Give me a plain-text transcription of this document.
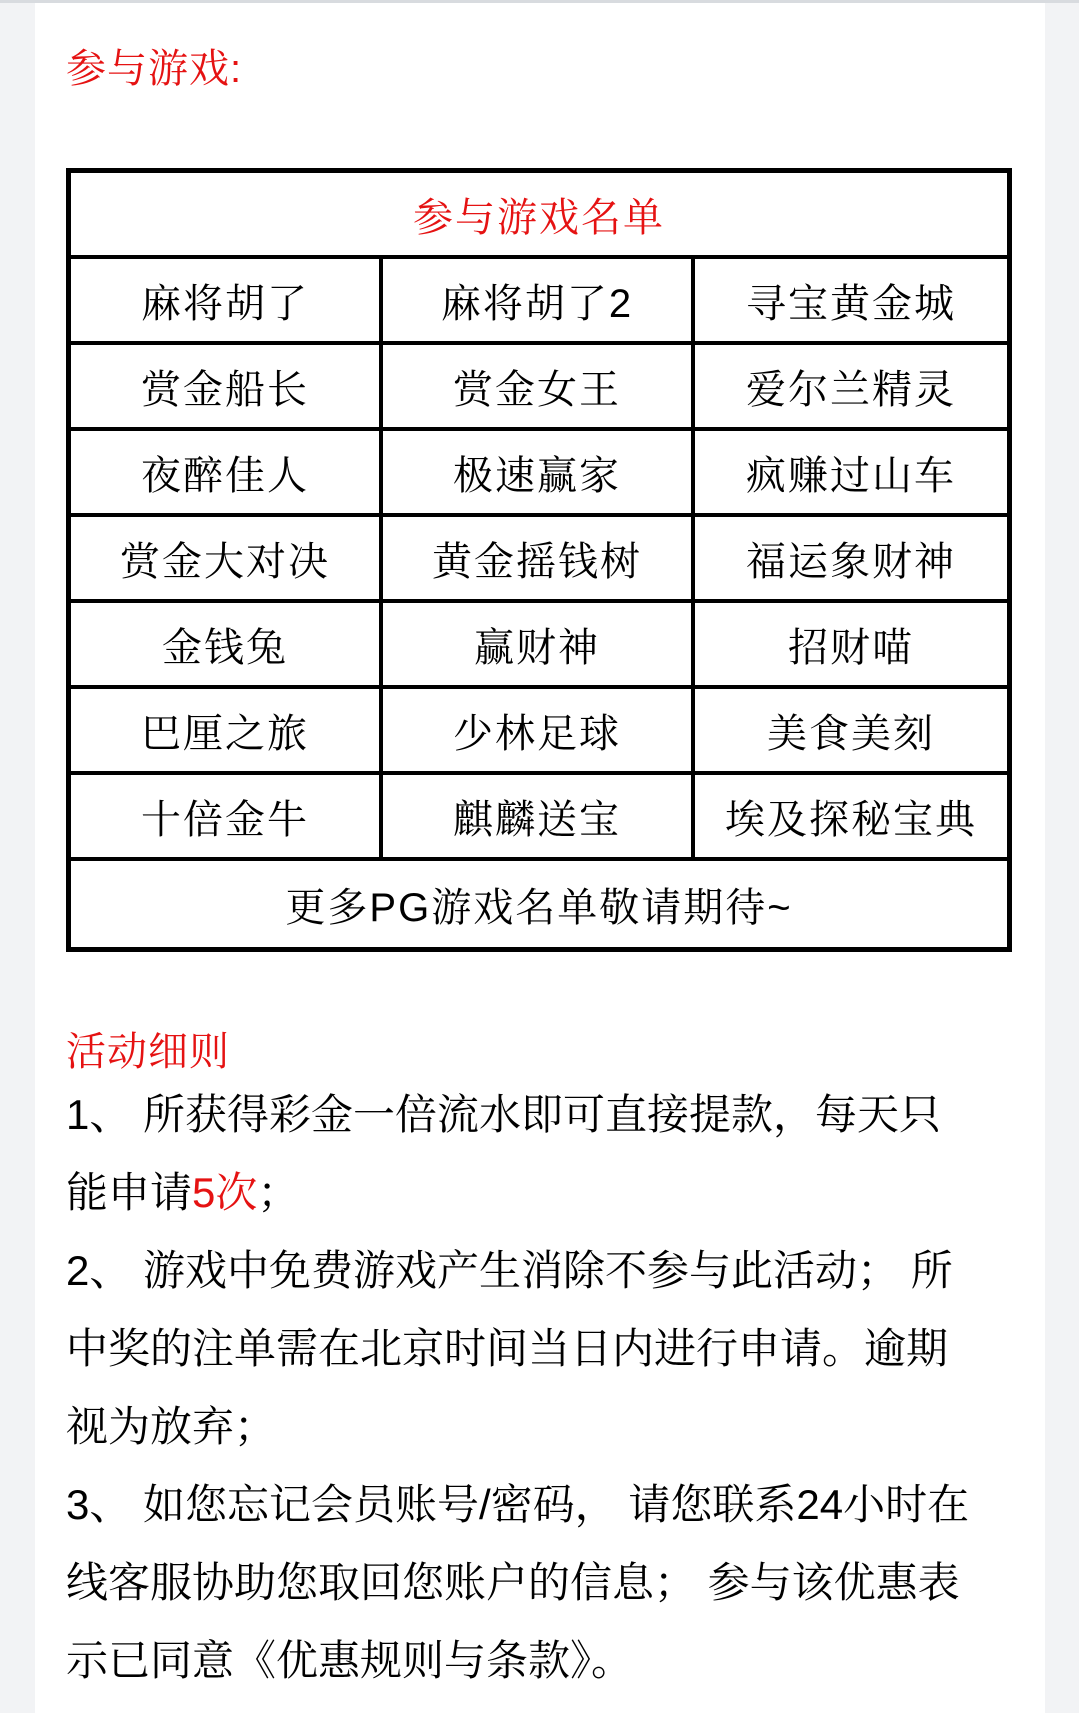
参与游戏:
参与游戏名单		
麻将胡了	麻将胡了2	寻宝黄金城
赏金船长	赏金女王	爱尔兰精灵
夜醉佳人	极速赢家	疯赚过山车
赏金大对决	黄金摇钱树	福运象财神
金钱兔	赢财神	招财喵
巴厘之旅	少林足球	美食美刻
十倍金牛	麒麟送宝	埃及探秘宝典
更多PG游戏名单敬请期待~		
活动细则

1、 所获得彩金一倍流水即可直接提款，每天只
能申请5次；
2、 游戏中免费游戏产生消除不参与此活动； 所
中奖的注单需在北京时间当日内进行申请。逾期
视为放弃；
3、 如您忘记会员账号/密码， 请您联系24小时在
线客服协助您取回您账户的信息； 参与该优惠表
示已同意《优惠规则与条款》。
